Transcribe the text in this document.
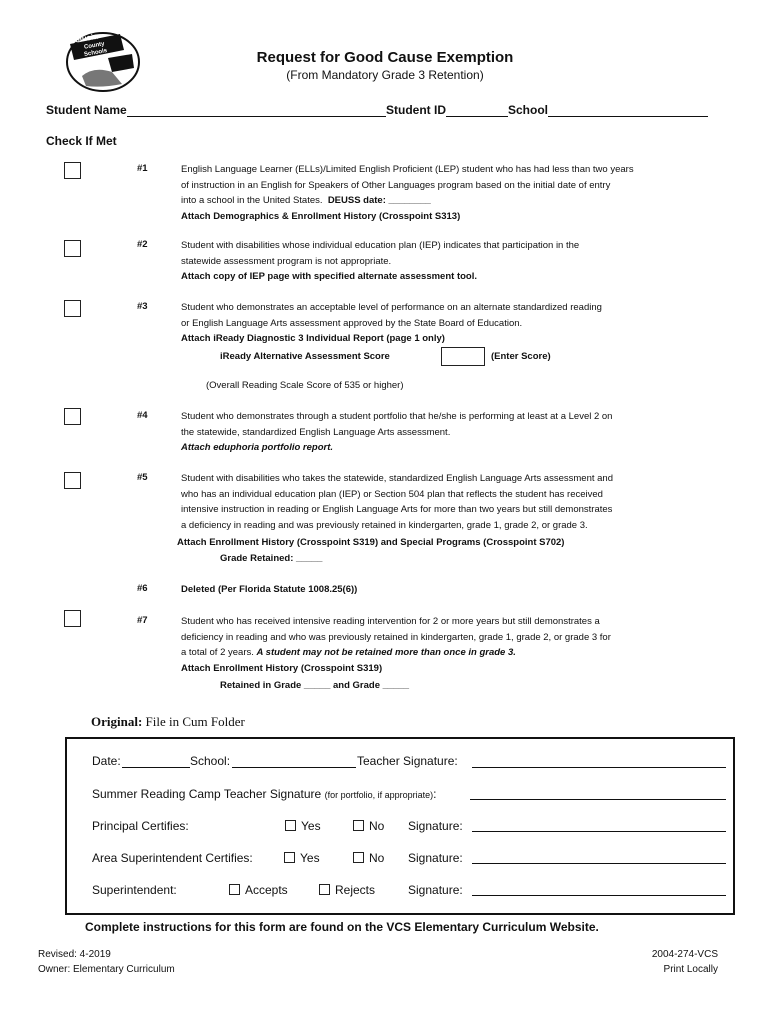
Volusia
County
Schools	Request for Good Cause Exemption
(From Mandatory Grade 3 Retention)
Student Name	Student ID	School
Check If Met
#1	English Language Learner (ELLs)/Limited English Proficient (LEP) student who has had less than two years
of instruction in an English for Speakers of Other Languages program based on the initial date of entry
into a school in the United States. DEUSS date: ________
Attach Demographics & Enrollment History (Crosspoint S313)
#2	Student with disabilities whose individual education plan (IEP) indicates that participation in the
statewide assessment program is not appropriate.
Attach copy of IEP page with specified alternate assessment tool.
#3	Student who demonstrates an acceptable level of performance on an alternate standardized reading
or English Language Arts assessment approved by the State Board of Education.
Attach iReady Diagnostic 3 Individual Report (page 1 only)
iReady Alternative Assessment Score	(Enter Score)
(Overall Reading Scale Score of 535 or higher)
#4	Student who demonstrates through a student portfolio that he/she is performing at least at a Level 2 on
the statewide, standardized English Language Arts assessment.
Attach eduphoria portfolio report.
#5	Student with disabilities who takes the statewide, standardized English Language Arts assessment and
who has an individual education plan (IEP) or Section 504 plan that reflects the student has received
intensive instruction in reading or English Language Arts for more than two years but still demonstrates
a deficiency in reading and was previously retained in kindergarten, grade 1, grade 2, or grade 3.
Attach Enrollment History (Crosspoint S319) and Special Programs (Crosspoint S702)
Grade Retained: _____
#6	Deleted (Per Florida Statute 1008.25(6))
#7	Student who has received intensive reading intervention for 2 or more years but still demonstrates a
deficiency in reading and who was previously retained in kindergarten, grade 1, grade 2, or grade 3 for
a total of 2 years. A student may not be retained more than once in grade 3.
Attach Enrollment History (Crosspoint S319)
Retained in Grade _____ and Grade _____
Original: File in Cum Folder
Date:	School:	Teacher Signature:
Summer Reading Camp Teacher Signature (for portfolio, if appropriate):
Principal Certifies:	Yes	No Signature:
Area Superintendent Certifies:	Yes	No Signature:
Superintendent:	Accepts	Rejects	Signature:
Complete instructions for this form are found on the VCS Elementary Curriculum Website.
Revised: 4-2019
Owner: Elementary Curriculum
2004-274-VCS
Print Locally
